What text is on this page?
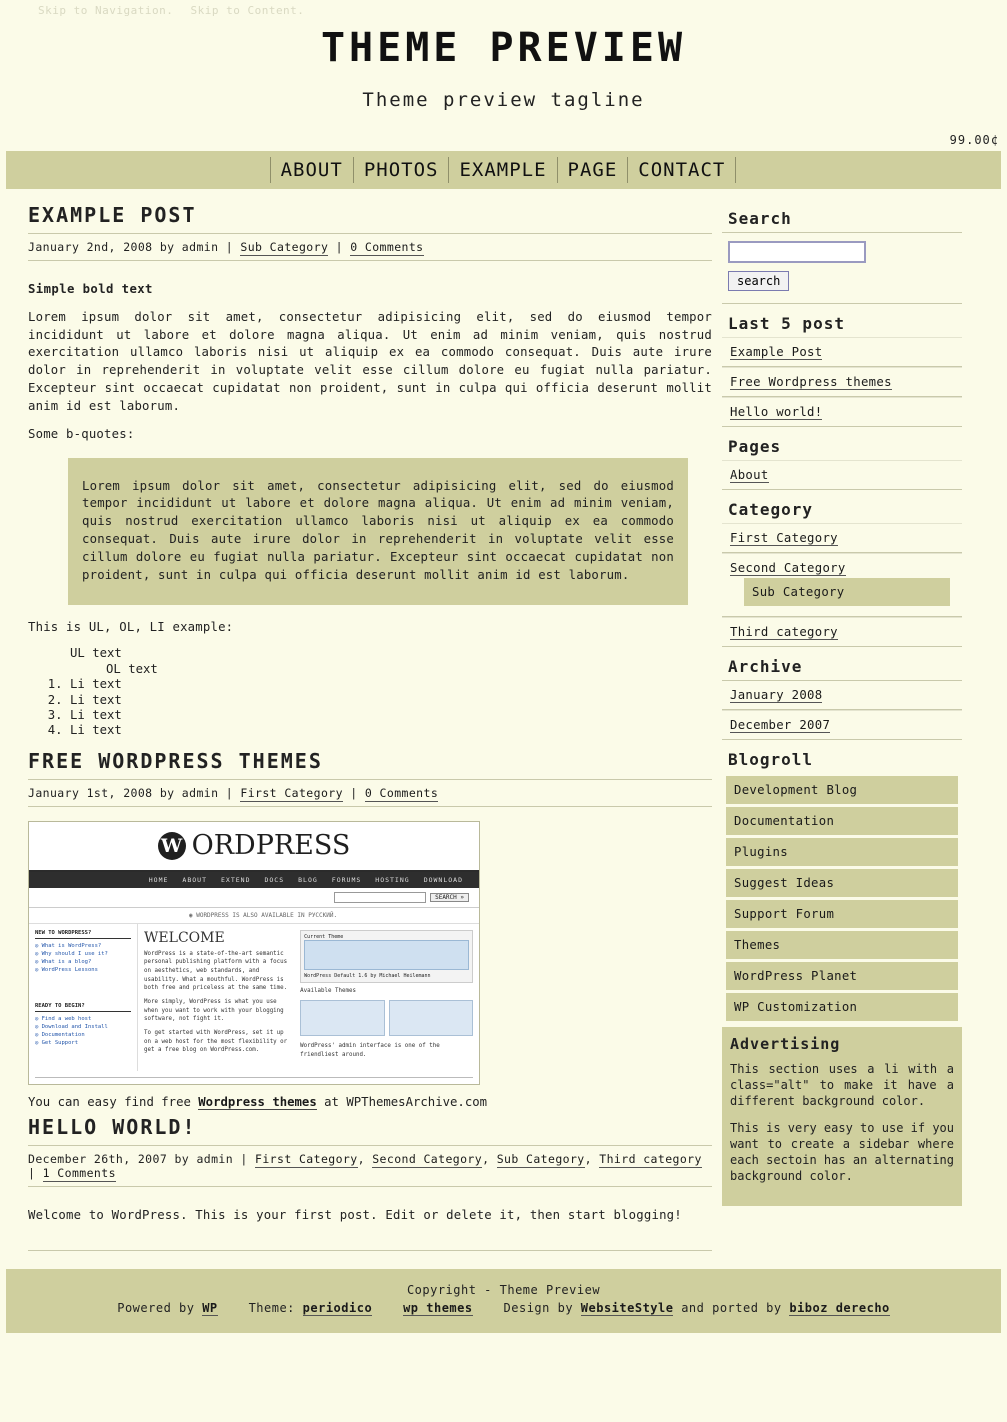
Skip to Navigation. Skip to Content.
THEME PREVIEW
Theme preview tagline
99.00¢
ABOUT	PHOTOS	EXAMPLE	PAGE	CONTACT
EXAMPLE POST
January 2nd, 2008 by admin | Sub Category | 0 Comments

Simple bold text

Lorem ipsum dolor sit amet, consectetur adipisicing elit, sed do eiusmod tempor incididunt ut labore et dolore magna aliqua. Ut enim ad minim veniam, quis nostrud exercitation ullamco laboris nisi ut aliquip ex ea commodo consequat. Duis aute irure dolor in reprehenderit in voluptate velit esse cillum dolore eu fugiat nulla pariatur. Excepteur sint occaecat cupidatat non proident, sunt in culpa qui officia deserunt mollit anim id est laborum.

Some b-quotes:

Lorem ipsum dolor sit amet, consectetur adipisicing elit, sed do eiusmod tempor incididunt ut labore et dolore magna aliqua. Ut enim ad minim veniam, quis nostrud exercitation ullamco laboris nisi ut aliquip ex ea commodo consequat. Duis aute irure dolor in reprehenderit in voluptate velit esse cillum dolore eu fugiat nulla pariatur. Excepteur sint occaecat cupidatat non proident, sunt in culpa qui officia deserunt mollit anim id est laborum.

This is UL, OL, LI example:

UL text
OL text
1. Li text
2. Li text
3. Li text
4. Li text
FREE WORDPRESS THEMES
January 1st, 2008 by admin | First Category | 0 Comments
W ORDPRESS
HOME ABOUT EXTEND DOCS BLOG FORUMS HOSTING DOWNLOAD
SEARCH »
◉ WORDPRESS IS ALSO AVAILABLE IN РУССКИЙ.
NEW TO WORDPRESS?
◎ What is WordPress?
◎ Why should I use it?
◎ What is a blog?
◎ WordPress Lessons
READY TO BEGIN?
◎ Find a web host
◎ Download and Install
◎ Documentation
◎ Get Support
WELCOME
WordPress is a state-of-the-art semantic personal publishing platform with a focus on aesthetics, web standards, and usability. What a mouthful. WordPress is both free and priceless at the same time.
More simply, WordPress is what you use when you want to work with your blogging software, not fight it.
To get started with WordPress, set it up on a web host for the most flexibility or get a free blog on WordPress.com.
Current Theme
WordPress Default 1.6 by Michael Heilemann
Available Themes
WordPress' admin interface is one of the friendliest around.
You can easy find free Wordpress themes at WPThemesArchive.com
HELLO WORLD!
December 26th, 2007 by admin | First Category, Second Category, Sub Category, Third category | 1 Comments

Welcome to WordPress. This is your first post. Edit or delete it, then start blogging!

Search
search
Last 5 post
Example Post
Free Wordpress themes
Hello world!
Pages
About
Category
First Category
Second Category
Sub Category
Third category
Archive
January 2008
December 2007
Blogroll
Development Blog
Documentation
Plugins
Suggest Ideas
Support Forum
Themes
WordPress Planet
WP Customization
Advertising

This section uses a li with a class="alt" to make it have a different background color.

This is very easy to use if you want to create a sidebar where each sectoin has an alternating background color.

Copyright - Theme Preview
Powered by WP	Theme: periodico	wp themes	Design by WebsiteStyle and ported by biboz derecho
